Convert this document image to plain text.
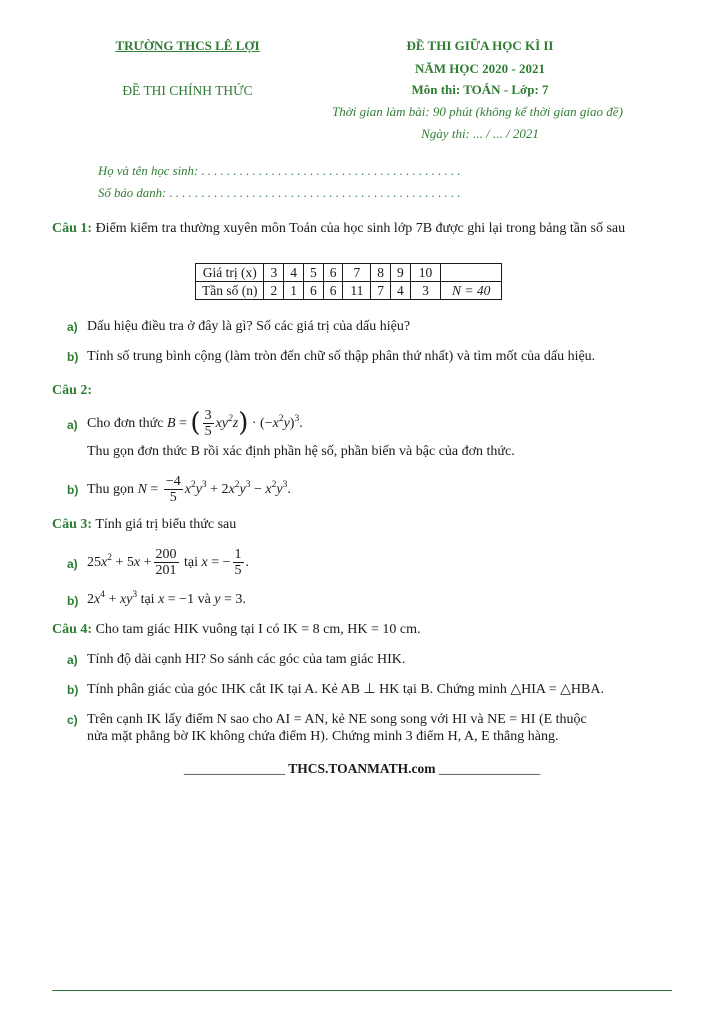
TRƯỜNG THCS LÊ LỢI
ĐỀ THI CHÍNH THỨC
ĐỀ THI GIỮA HỌC KÌ II
NĂM HỌC 2020 - 2021
Môn thi: TOÁN - Lớp: 7
Thời gian làm bài: 90 phút (không kể thời gian giao đề)
Ngày thi: ... / ... / 2021
Họ và tên học sinh: . . . . . . . . . . . . . . . . . . . . . . . . . . . . . . . . . . . . . . . . .
Số báo danh: . . . . . . . . . . . . . . . . . . . . . . . . . . . . . . . . . . . . . . . . . . . . . .
Câu 1: Điểm kiểm tra thường xuyên môn Toán của học sinh lớp 7B được ghi lại trong bảng tần số sau
Giá trị (x)	3	4	5	6	7	8	9	10	
Tần số (n)	2	1	6	6	11	7	4	3	N = 40
a) Dấu hiệu điều tra ở đây là gì? Số các giá trị của dấu hiệu?
b) Tính số trung bình cộng (làm tròn đến chữ số thập phân thứ nhất) và tìm mốt của dấu hiệu.
Câu 2:
a) Cho đơn thức
B = ( $\frac{3}{5} xy^2z$ ) · $(-x^2y)^3$.
Thu gọn đơn thức B rồi xác định phần hệ số, phần biến và bậc của đơn thức.
b) Thu gọn
$N = \frac{-4}{5} x^2y^3 + 2x^2y^3 - x^2y^3$.
Câu 3: Tính giá trị biểu thức sau
a) $25x^2 + 5x + \frac{200}{201}$
tại
x = − $\frac{1}{5}$ .
b) $2x^4 + xy^3$ tại x = −1 và y = 3.
Câu 4: Cho tam giác HIK vuông tại I có IK = 8 cm, HK = 10 cm.
a) Tính độ dài cạnh HI? So sánh các góc của tam giác HIK.
b) Tính phân giác của góc IHK cắt IK tại A. Kẻ AB ⊥ HK tại B. Chứng minh △HIA = △HBA.
c) Trên cạnh IK lấy điểm N sao cho AI = AN, kẻ NE song song với HI và NE = HI (E thuộc
nửa mặt phẳng bờ IK không chứa điểm H). Chứng minh 3 điểm H, A, E thẳng hàng.
_______________ THCS.TOANMATH.com _______________
